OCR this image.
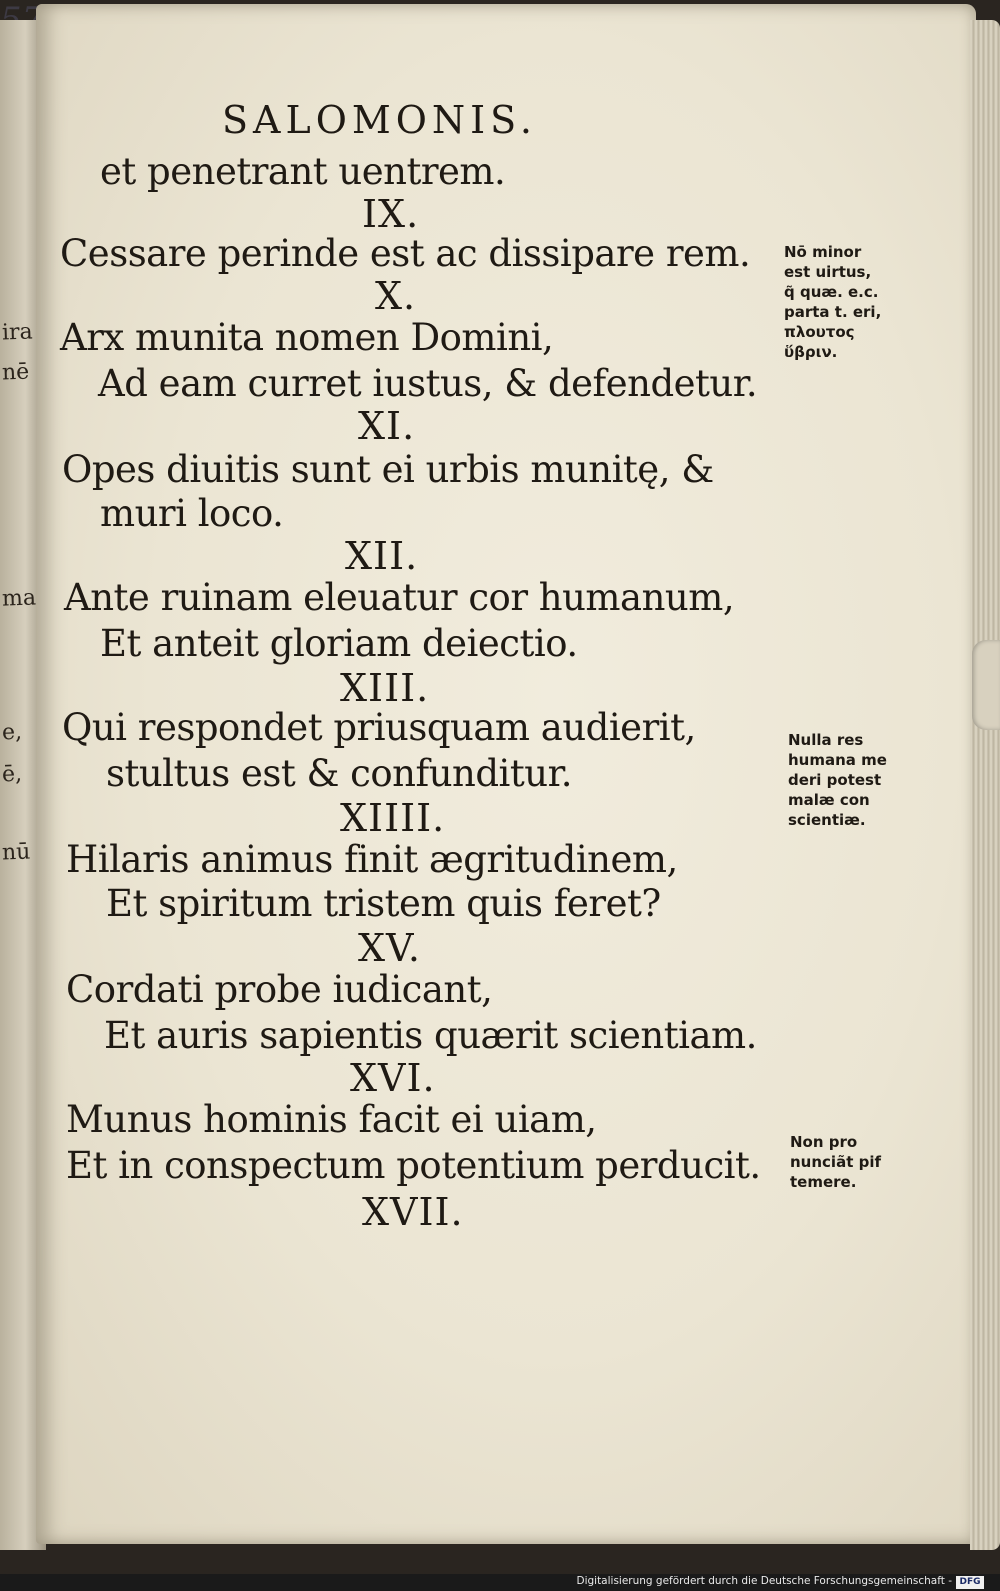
ira
nē
ma
e,
ē,
nū
SALOMONIS.
et penetrant uentrem.
IX.
Cessare perinde est ac dissipare rem.
X.
Arx munita nomen Domini,
Ad eam curret iustus, & defendetur.
XI.
Opes diuitis sunt ei urbis munitę, &
muri loco.
XII.
Ante ruinam eleuatur cor humanum,
Et anteit gloriam deiectio.
XIII.
Qui respondet priusquam audierit,
stultus est & confunditur.
XIIII.
Hilaris animus finit ægritudinem,
Et spiritum tristem quis feret?
XV.
Cordati probe iudicant,
Et auris sapientis quærit scientiam.
XVI.
Munus hominis facit ei uiam,
Et in conspectum potentium perducit.
XVII.
Nō minor
est uirtus,
q̃ quæ. e.c.
parta t. eri,
πλουτος
ὕβριν.
Nulla res
humana me
deri potest
malæ con
scientiæ.
Non pro
nunciãt pif
temere.
Digitalisierung gefördert durch die Deutsche Forschungsgemeinschaft - DFG
